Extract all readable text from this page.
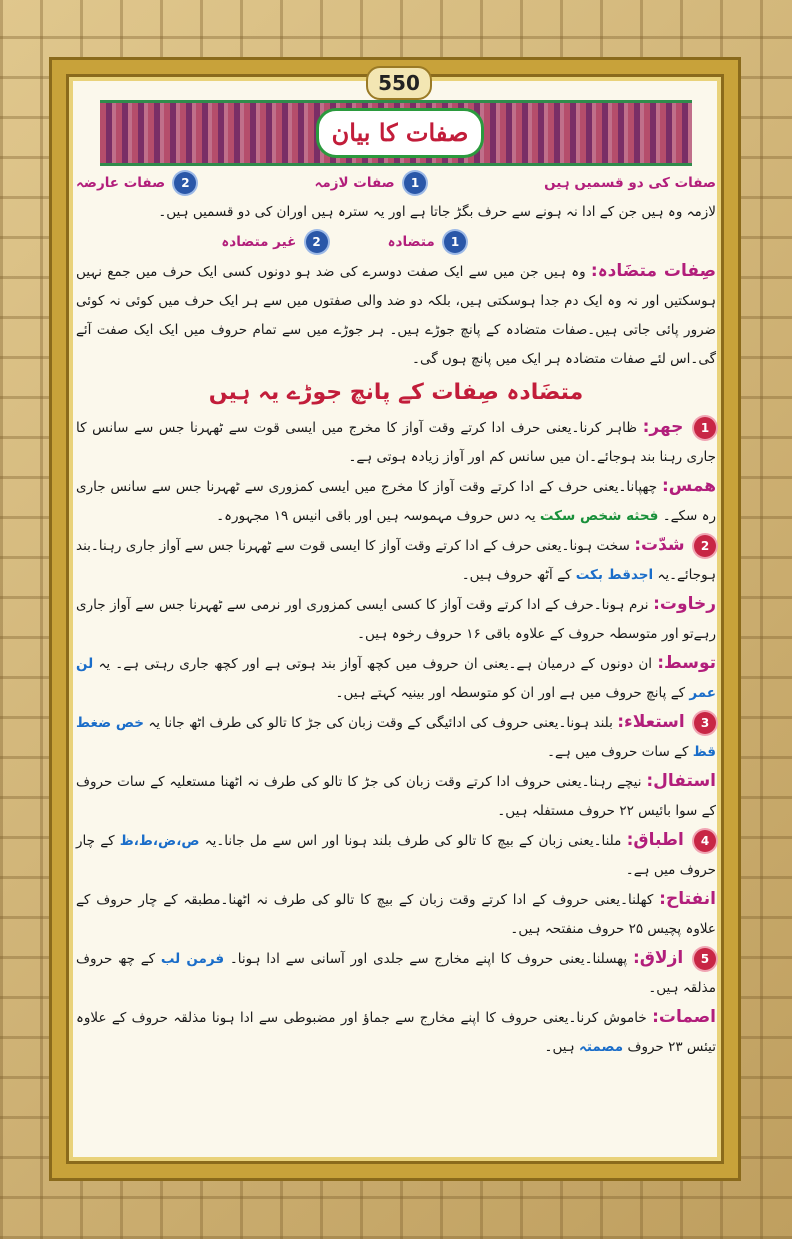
550
صفات کا بیان
صفات کی دو قسمیں ہیں
1 صفات لازمہ
2 صفات عارضہ

لازمہ وہ ہیں جن کے ادا نہ ہونے سے حرف بگڑ جاتا ہے اور یہ سترہ ہیں اوران کی دو قسمیں ہیں۔

1 متضادہ
2 غیر متضادہ

صِفات متضَادہ: وہ ہیں جن میں سے ایک صفت دوسرے کی ضد ہو دونوں کسی ایک حرف میں جمع نہیں ہوسکتیں اور نہ وہ ایک دم جدا ہوسکتی ہیں، بلکہ دو ضد والی صفتوں میں سے ہر ایک حرف میں کوئی نہ کوئی ضرور پائی جاتی ہیں۔صفات متضادہ کے پانچ جوڑے ہیں۔ ہر جوڑے میں سے تمام حروف میں ایک ایک صفت آئے گی۔اس لئے صفات متضادہ ہر ایک میں پانچ ہوں گی۔

متضَادہ صِفات کے پانچ جوڑے یہ ہیں

1 جھر: ظاہر کرنا۔یعنی حرف ادا کرتے وقت آواز کا مخرج میں ایسی قوت سے ٹھہرنا جس سے سانس کا جاری رہنا بند ہوجائے۔ان میں سانس کم اور آواز زیادہ ہوتی ہے۔

ھمس: چھپانا۔یعنی حرف کے ادا کرتے وقت آواز کا مخرج میں ایسی کمزوری سے ٹھہرنا جس سے سانس جاری رہ سکے۔ فحثه شخص سکت یہ دس حروف مہموسہ ہیں اور باقی انیس ۱۹ مجہورہ۔

2 شدّت: سخت ہونا۔یعنی حرف کے ادا کرتے وقت آواز کا ایسی قوت سے ٹھہرنا جس سے آواز جاری رہنا۔بند ہوجائے۔یہ اجدقط بکت کے آٹھ حروف ہیں۔

رخاوت: نرم ہونا۔حرف کے ادا کرتے وقت آواز کا کسی ایسی کمزوری اور نرمی سے ٹھہرنا جس سے آواز جاری رہےتو اور متوسطہ حروف کے علاوہ باقی ۱۶ حروف رخوہ ہیں۔

توسط: ان دونوں کے درمیان ہے۔یعنی ان حروف میں کچھ آواز بند ہوتی ہے اور کچھ جاری رہتی ہے۔ یہ لن عمر کے پانچ حروف میں ہے اور ان کو متوسطہ اور بینیہ کہتے ہیں۔

3 استعلاء: بلند ہونا۔یعنی حروف کی ادائیگی کے وقت زبان کی جڑ کا تالو کی طرف اٹھ جانا یہ خص ضغط قظ کے سات حروف میں ہے۔

استفال: نیچے رہنا۔یعنی حروف ادا کرتے وقت زبان کی جڑ کا تالو کی طرف نہ اٹھنا مستعلیہ کے سات حروف کے سوا بائیس ۲۲ حروف مستفلہ ہیں۔

4 اطباق: ملنا۔یعنی زبان کے بیچ کا تالو کی طرف بلند ہونا اور اس سے مل جانا۔یہ ص،ض،ط،ظ کے چار حروف میں ہے۔

انفتاح: کھلنا۔یعنی حروف کے ادا کرتے وقت زبان کے بیچ کا تالو کی طرف نہ اٹھنا۔مطبقہ کے چار حروف کے علاوہ پچیس ۲۵ حروف منفتحہ ہیں۔

5 ازلاق: پھسلنا۔یعنی حروف کا اپنے مخارج سے جلدی اور آسانی سے ادا ہونا۔ فرمن لب کے چھ حروف مذلقہ ہیں۔

اصمات: خاموش کرنا۔یعنی حروف کا اپنے مخارج سے جماؤ اور مضبوطی سے ادا ہونا مذلقہ حروف کے علاوہ تیئس ۲۳ حروف مصمتہ ہیں۔
